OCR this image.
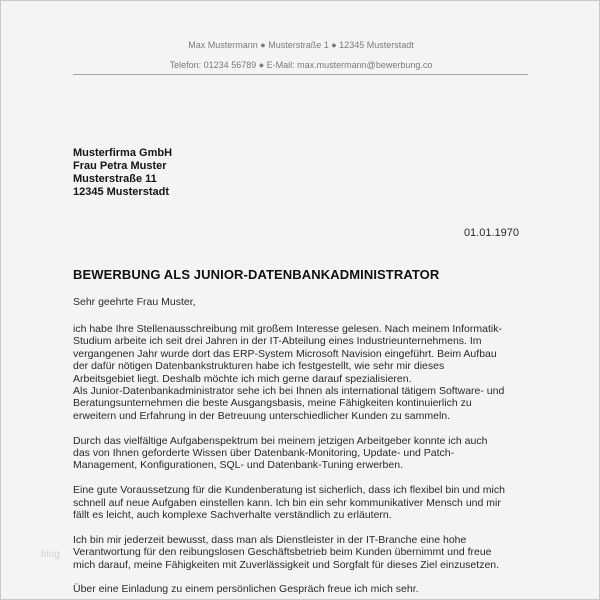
Max Mustermann ● Musterstraße 1 ● 12345 Musterstadt
Telefon: 01234 56789 ● E-Mail: max.mustermann@bewerbung.co
Musterfirma GmbH
Frau Petra Muster
Musterstraße 11
12345 Musterstadt
01.01.1970
BEWERBUNG ALS JUNIOR-DATENBANKADMINISTRATOR
Sehr geehrte Frau Muster,

ich habe Ihre Stellenausschreibung mit großem Interesse gelesen. Nach meinem Informatik-
Studium arbeite ich seit drei Jahren in der IT-Abteilung eines Industrieunternehmens. Im
vergangenen Jahr wurde dort das ERP-System Microsoft Navision eingeführt. Beim Aufbau
der dafür nötigen Datenbankstrukturen habe ich festgestellt, wie sehr mir dieses
Arbeitsgebiet liegt. Deshalb möchte ich mich gerne darauf spezialisieren.
Als Junior-Datenbankadministrator sehe ich bei Ihnen als international tätigem Software- und
Beratungsunternehmen die beste Ausgangsbasis, meine Fähigkeiten kontinuierlich zu
erweitern und Erfahrung in der Betreuung unterschiedlicher Kunden zu sammeln.

Durch das vielfältige Aufgabenspektrum bei meinem jetzigen Arbeitgeber konnte ich auch
das von Ihnen geforderte Wissen über Datenbank-Monitoring, Update- und Patch-
Management, Konfigurationen, SQL- und Datenbank-Tuning erwerben.

Eine gute Voraussetzung für die Kundenberatung ist sicherlich, dass ich flexibel bin und mich
schnell auf neue Aufgaben einstellen kann. Ich bin ein sehr kommunikativer Mensch und mir
fällt es leicht, auch komplexe Sachverhalte verständlich zu erläutern.

Ich bin mir jederzeit bewusst, dass man als Dienstleister in der IT-Branche eine hohe
Verantwortung für den reibungslosen Geschäftsbetrieb beim Kunden übernimmt und freue
mich darauf, meine Fähigkeiten mit Zuverlässigkeit und Sorgfalt für dieses Ziel einzusetzen.

Über eine Einladung zu einem persönlichen Gespräch freue ich mich sehr.

blog
